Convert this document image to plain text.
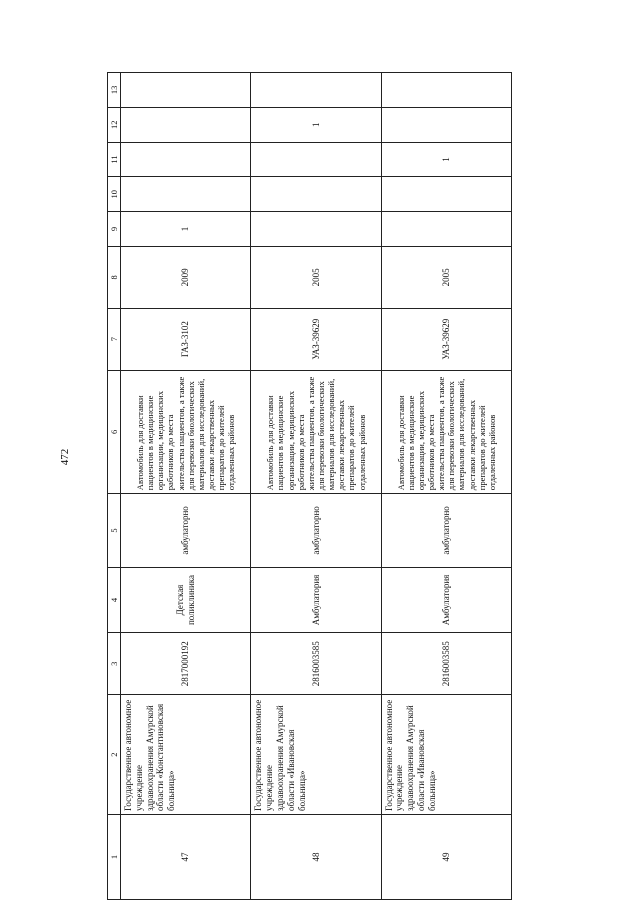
472
1	2	3	4	5	6	7	8	9	10	11	12	13
47	Государственное автономное учреждение здравоохранения Амурской области «Константиновская больница»	2817000192	Детская поликлиника	амбулаторно	Автомобиль для доставки пациентов в медицинские организации, медицинских работников до места жительства пациентов, а также для перевозки биологических материалов для исследований, доставки лекарственных препаратов до жителей отдаленных районов	ГАЗ-3102	2009	1				
48	Государственное автономное учреждение здравоохранения Амурской области «Ивановская больница»	2816003585	Амбулатория	амбулаторно	Автомобиль для доставки пациентов в медицинские организации, медицинских работников до места жительства пациентов, а также для перевозки биологических материалов для исследований, доставки лекарственных препаратов до жителей отдаленных районов	УАЗ-39629	2005				1	
49	Государственное автономное учреждение здравоохранения Амурской области «Ивановская больница»	2816003585	Амбулатория	амбулаторно	Автомобиль для доставки пациентов в медицинские организации, медицинских работников до места жительства пациентов, а также для перевозки биологических материалов для исследований, доставки лекарственных препаратов до жителей отдаленных районов	УАЗ-39629	2005			1		
